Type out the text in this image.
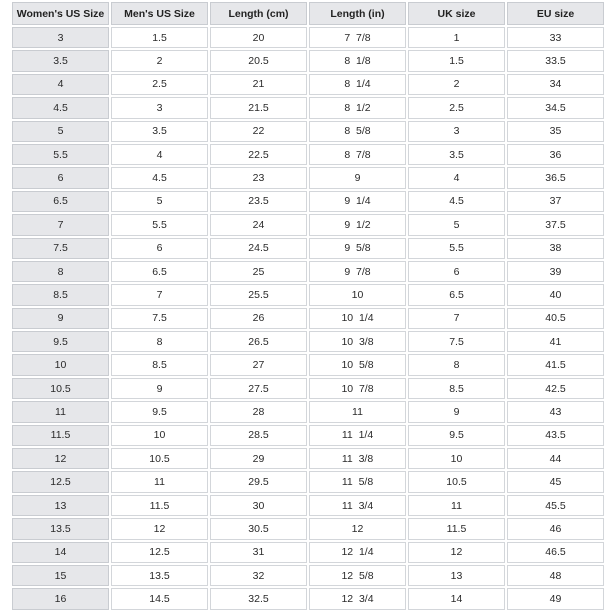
Women's US Size	Men's US Size	Length (cm)	Length (in)	UK size	EU size
3	1.5	20	7  7/8	1	33
3.5	2	20.5	8  1/8	1.5	33.5
4	2.5	21	8  1/4	2	34
4.5	3	21.5	8  1/2	2.5	34.5
5	3.5	22	8  5/8	3	35
5.5	4	22.5	8  7/8	3.5	36
6	4.5	23	9	4	36.5
6.5	5	23.5	9  1/4	4.5	37
7	5.5	24	9  1/2	5	37.5
7.5	6	24.5	9  5/8	5.5	38
8	6.5	25	9  7/8	6	39
8.5	7	25.5	10	6.5	40
9	7.5	26	10  1/4	7	40.5
9.5	8	26.5	10  3/8	7.5	41
10	8.5	27	10  5/8	8	41.5
10.5	9	27.5	10  7/8	8.5	42.5
11	9.5	28	11	9	43
11.5	10	28.5	11  1/4	9.5	43.5
12	10.5	29	11  3/8	10	44
12.5	11	29.5	11  5/8	10.5	45
13	11.5	30	11  3/4	11	45.5
13.5	12	30.5	12	11.5	46
14	12.5	31	12  1/4	12	46.5
15	13.5	32	12  5/8	13	48
16	14.5	32.5	12  3/4	14	49
